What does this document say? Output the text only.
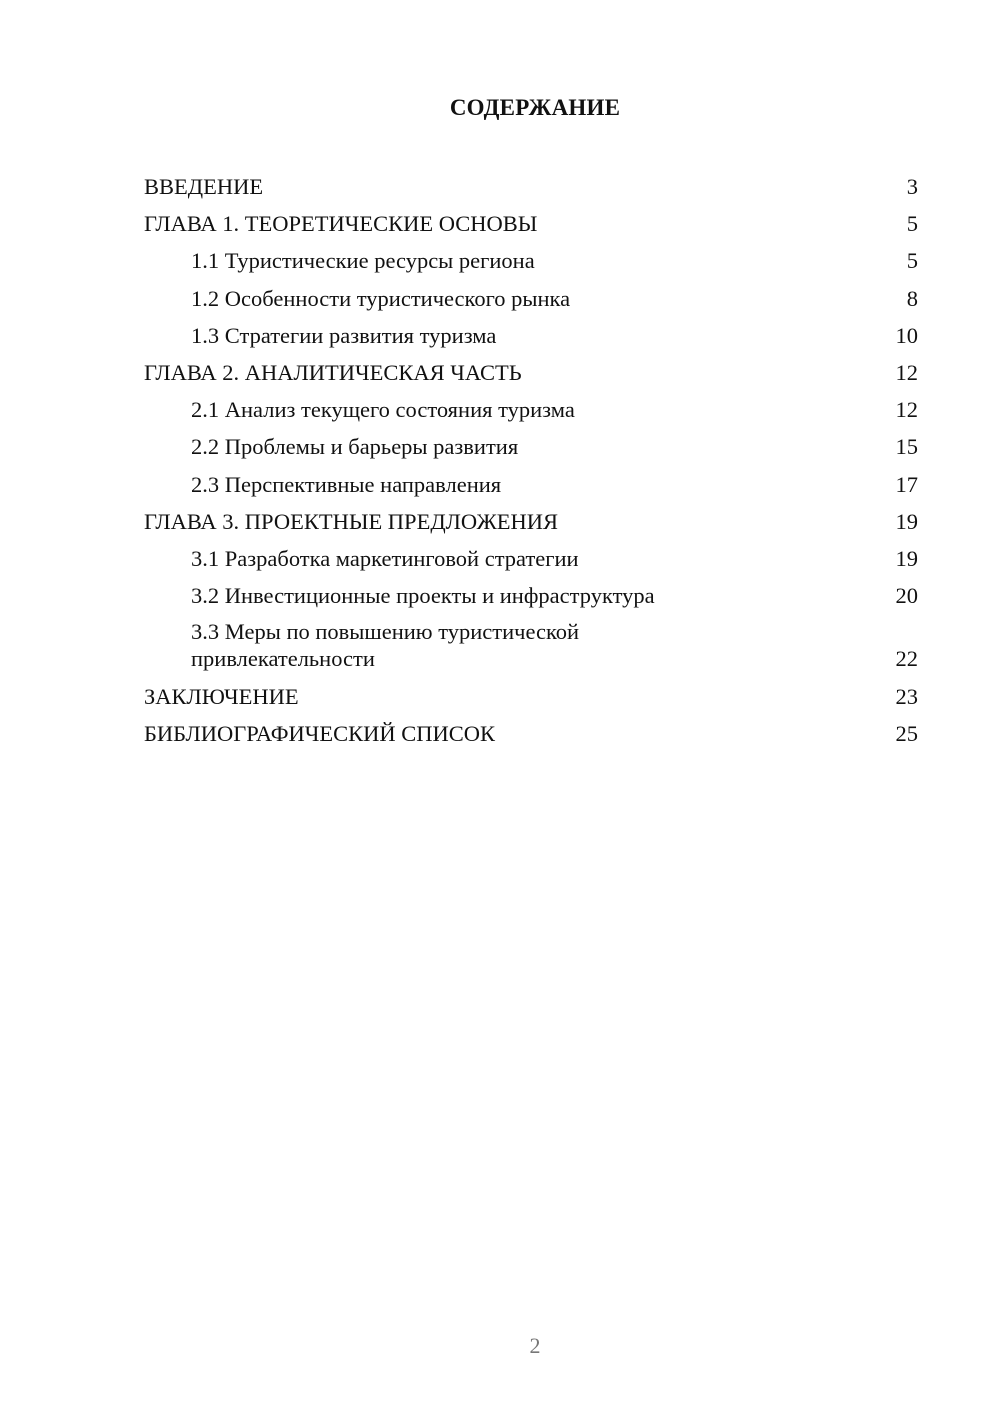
СОДЕРЖАНИЕ
ВВЕДЕНИЕ	3
ГЛАВА 1. ТЕОРЕТИЧЕСКИЕ ОСНОВЫ	5
1.1 Туристические ресурсы региона	5
1.2 Особенности туристического рынка	8
1.3 Стратегии развития туризма	10
ГЛАВА 2. АНАЛИТИЧЕСКАЯ ЧАСТЬ	12
2.1 Анализ текущего состояния туризма	12
2.2 Проблемы и барьеры развития	15
2.3 Перспективные направления	17
ГЛАВА 3. ПРОЕКТНЫЕ ПРЕДЛОЖЕНИЯ	19
3.1 Разработка маркетинговой стратегии	19
3.2 Инвестиционные проекты и инфраструктура	20
3.3 Меры по повышению туристической привлекательности	22
ЗАКЛЮЧЕНИЕ	23
БИБЛИОГРАФИЧЕСКИЙ СПИСОК	25
2
